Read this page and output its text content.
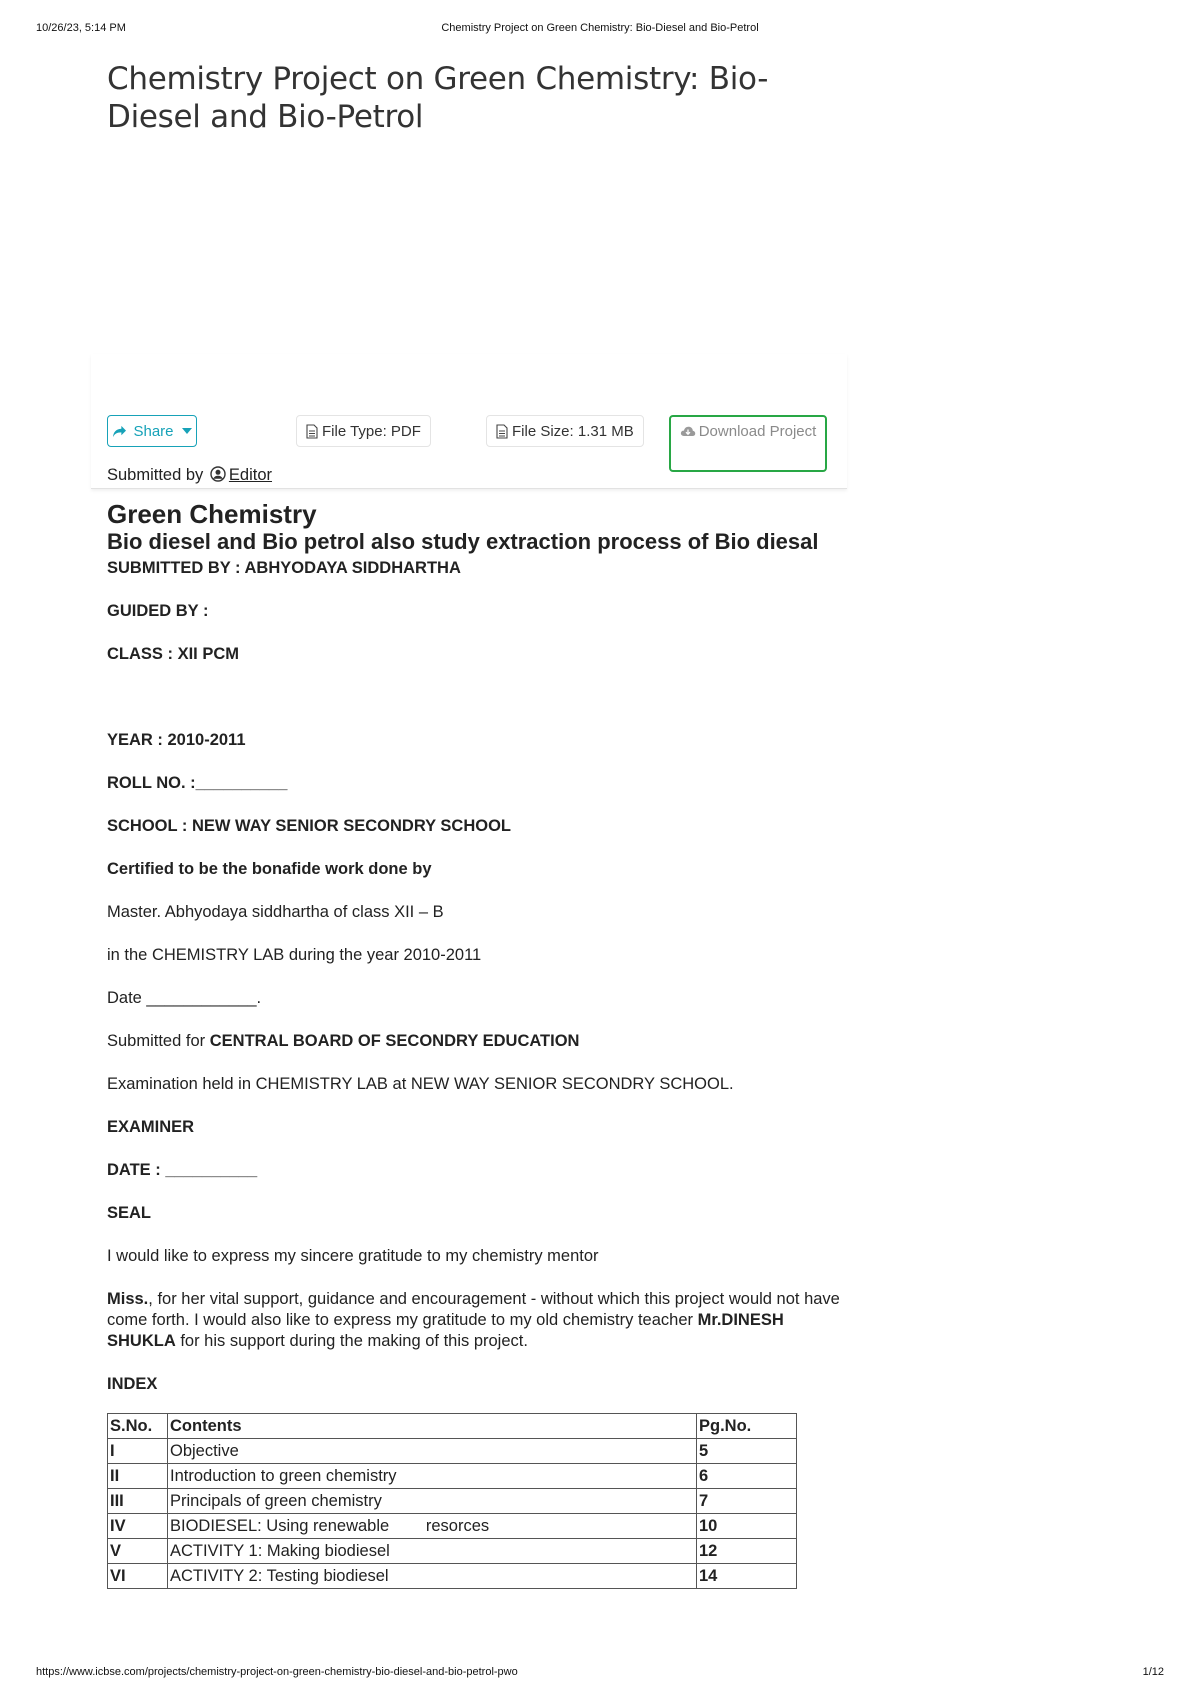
10/26/23, 5:14 PM	Chemistry Project on Green Chemistry: Bio-Diesel and Bio-Petrol
Chemistry Project on Green Chemistry: Bio-Diesel and Bio-Petrol
Share	File Type: PDF	File Size: 1.31 MB	Download Project

Submitted by Editor

Green Chemistry
Bio diesel and Bio petrol also study extraction process of Bio diesal

SUBMITTED BY : ABHYODAYA SIDDHARTHA

GUIDED BY :

CLASS : XII PCM

YEAR : 2010-2011

ROLL NO. :__________

SCHOOL : NEW WAY SENIOR SECONDRY SCHOOL

Certified to be the bonafide work done by

Master. Abhyodaya siddhartha of class XII – B

in the CHEMISTRY LAB during the year 2010-2011

Date ____________.

Submitted for CENTRAL BOARD OF SECONDRY EDUCATION

Examination held in CHEMISTRY LAB at NEW WAY SENIOR SECONDRY SCHOOL.

EXAMINER

DATE : __________

SEAL

I would like to express my sincere gratitude to my chemistry mentor

Miss., for her vital support, guidance and encouragement - without which this project would not have come forth. I would also like to express my gratitude to my old chemistry teacher Mr.DINESH SHUKLA for his support during the making of this project.

INDEX

S.No.	Contents	Pg.No.
I	Objective	5
II	Introduction to green chemistry	6
III	Principals of green chemistry	7
IV	BIODIESEL: Using renewable        resorces	10
V	ACTIVITY 1: Making biodiesel	12
VI	ACTIVITY 2: Testing biodiesel	14
https://www.icbse.com/projects/chemistry-project-on-green-chemistry-bio-diesel-and-bio-petrol-pwo	1/12
